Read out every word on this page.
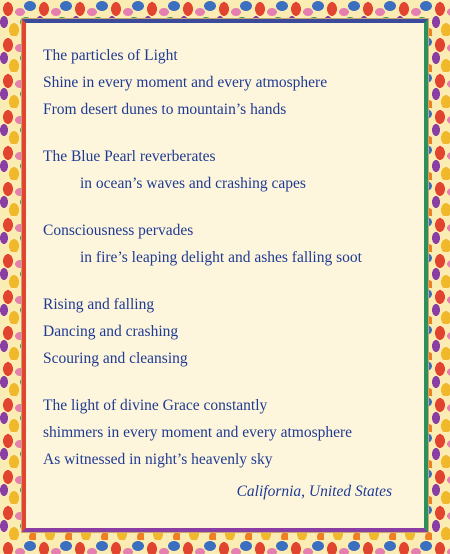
The particles of Light
Shine in every moment and every atmosphere
From desert dunes to mountain’s hands
The Blue Pearl reverberates
in ocean’s waves and crashing capes
Consciousness pervades
in fire’s leaping delight and ashes falling soot
Rising and falling
Dancing and crashing
Scouring and cleansing
The light of divine Grace constantly
shimmers in every moment and every atmosphere
As witnessed in night’s heavenly sky
California, United States
